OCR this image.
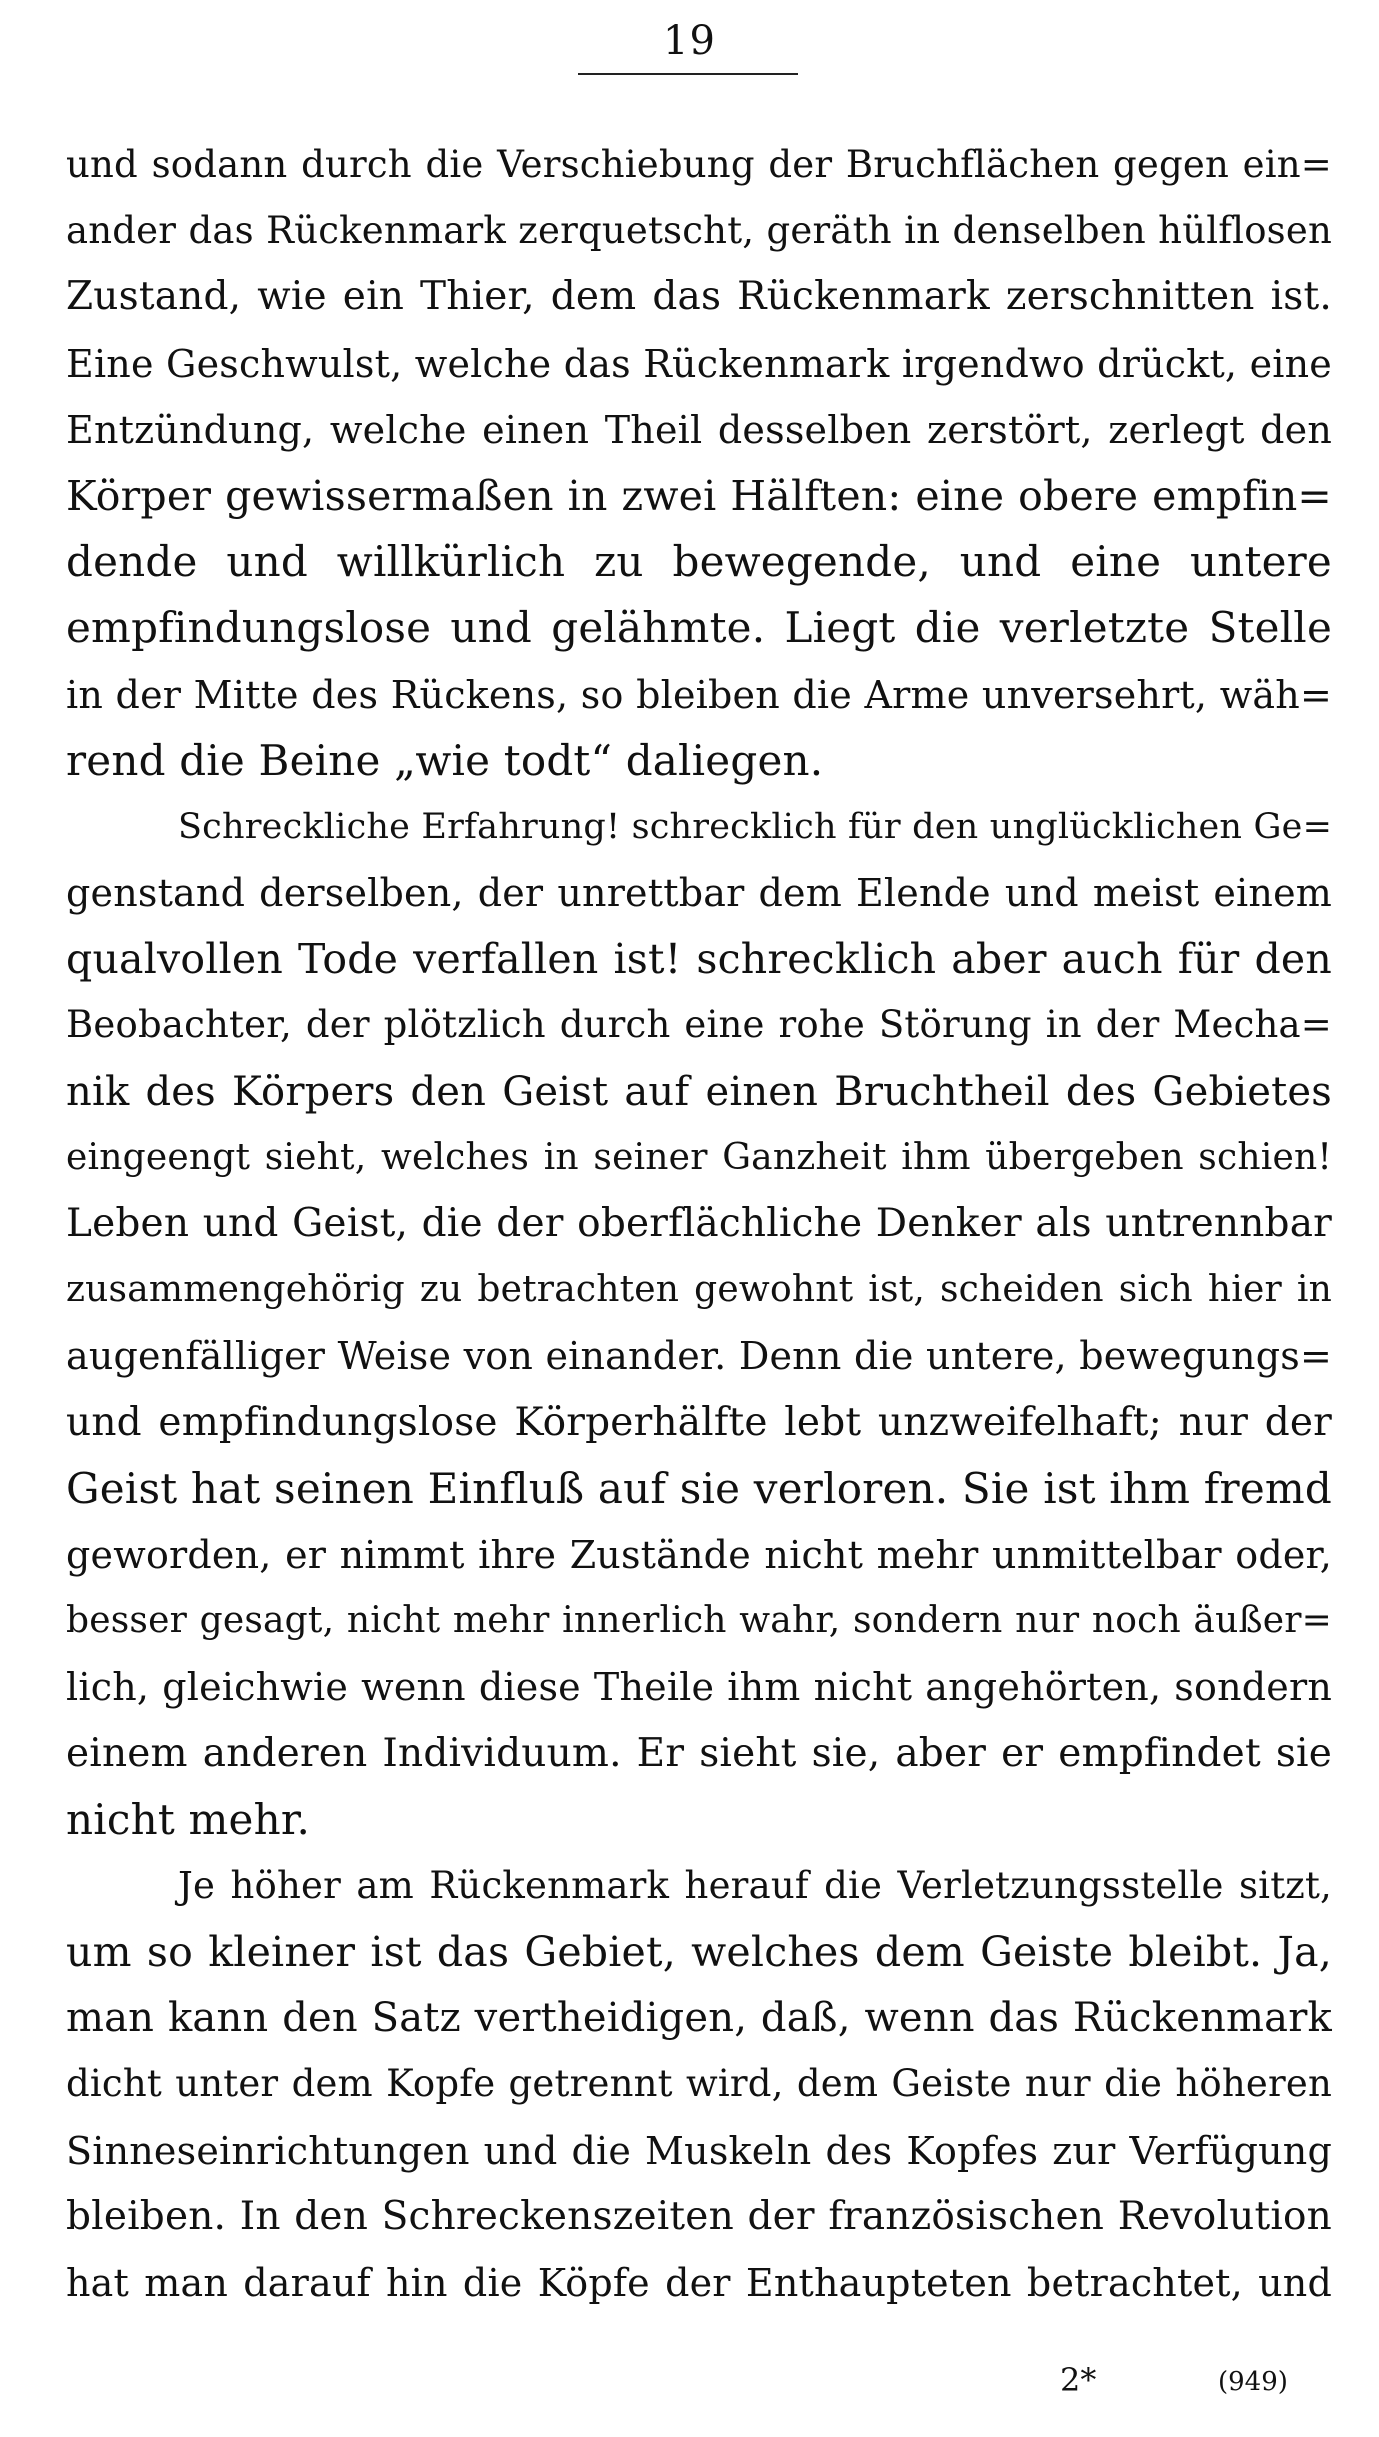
19
und sodann durch die Verschiebung der Bruchflächen gegen ein=
ander das Rückenmark zerquetscht, geräth in denselben hülflosen
Zustand, wie ein Thier, dem das Rückenmark zerschnitten ist.
Eine Geschwulst, welche das Rückenmark irgendwo drückt, eine
Entzündung, welche einen Theil desselben zerstört, zerlegt den
Körper gewissermaßen in zwei Hälften: eine obere empfin=
dende und willkürlich zu bewegende, und eine untere
empfindungslose und gelähmte. Liegt die verletzte Stelle
in der Mitte des Rückens, so bleiben die Arme unversehrt, wäh=
rend die Beine „wie todt“ daliegen.
Schreckliche Erfahrung! schrecklich für den unglücklichen Ge=
genstand derselben, der unrettbar dem Elende und meist einem
qualvollen Tode verfallen ist! schrecklich aber auch für den
Beobachter, der plötzlich durch eine rohe Störung in der Mecha=
nik des Körpers den Geist auf einen Bruchtheil des Gebietes
eingeengt sieht, welches in seiner Ganzheit ihm übergeben schien!
Leben und Geist, die der oberflächliche Denker als untrennbar
zusammengehörig zu betrachten gewohnt ist, scheiden sich hier in
augenfälliger Weise von einander. Denn die untere, bewegungs=
und empfindungslose Körperhälfte lebt unzweifelhaft; nur der
Geist hat seinen Einfluß auf sie verloren. Sie ist ihm fremd
geworden, er nimmt ihre Zustände nicht mehr unmittelbar oder,
besser gesagt, nicht mehr innerlich wahr, sondern nur noch äußer=
lich, gleichwie wenn diese Theile ihm nicht angehörten, sondern
einem anderen Individuum. Er sieht sie, aber er empfindet sie
nicht mehr.
Je höher am Rückenmark herauf die Verletzungsstelle sitzt,
um so kleiner ist das Gebiet, welches dem Geiste bleibt. Ja,
man kann den Satz vertheidigen, daß, wenn das Rückenmark
dicht unter dem Kopfe getrennt wird, dem Geiste nur die höheren
Sinneseinrichtungen und die Muskeln des Kopfes zur Verfügung
bleiben. In den Schreckenszeiten der französischen Revolution
hat man darauf hin die Köpfe der Enthaupteten betrachtet, und
2*	(949)
